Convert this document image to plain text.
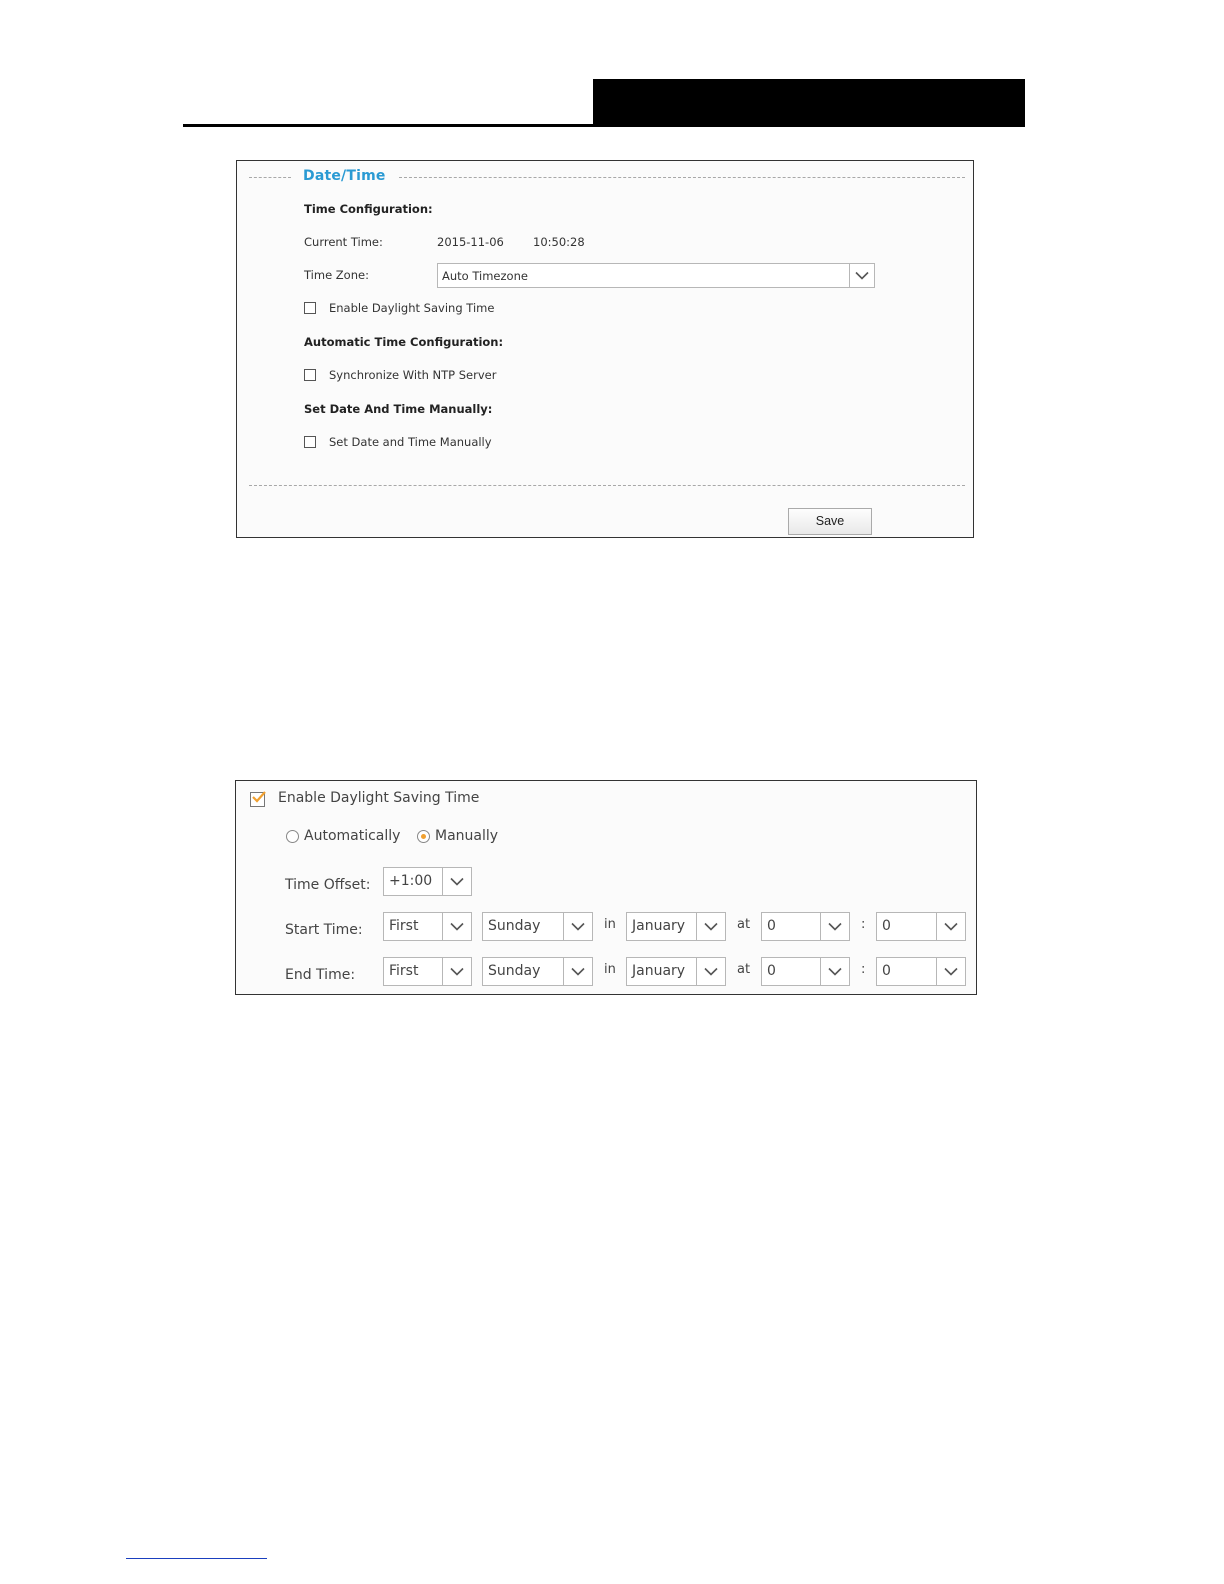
Date/Time
Time Configuration:
Current Time:	2015-11-06	10:50:28
Time Zone:	Auto Timezone
Enable Daylight Saving Time
Automatic Time Configuration:
Synchronize With NTP Server
Set Date And Time Manually:
Set Date and Time Manually
Save
Enable Daylight Saving Time
Automatically Manually
Time Offset: +1:00
Start Time: First	Sunday	in January	at 0	: 0
End Time: First	Sunday	in January	at 0	: 0
